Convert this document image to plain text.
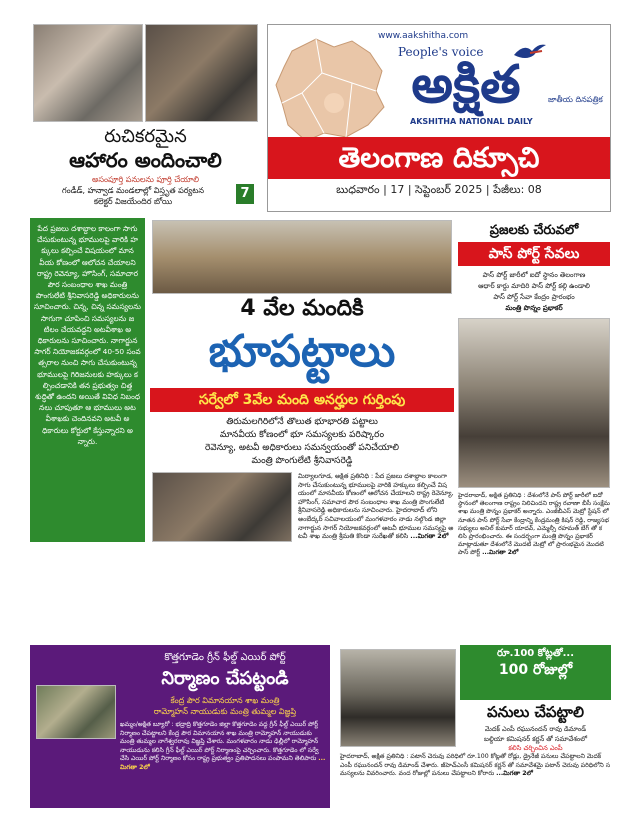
రుచికరమైన
ఆహారం అందించాలి
అసంపూర్తి పనులను పూర్తి చేయాలి
గండీడ్, హన్వాడ మండలాల్లో విస్తృత పర్యటన
కలెక్టర్ విజయేందిర బోయి
7
www.aakshitha.com
People's voice
అక్షిత	జాతీయ దినపత్రిక
AKSHITHA NATIONAL DAILY
తెలంగాణ దిక్సూచి
బుధవారం | 17 | సెప్టెంబర్ 2025 | పేజీలు: 08
పేద ప్రజలు దశాబ్దాల కాలంగా సాగు చేసుకుంటున్న భూములపై వారికి హక్కులు కల్పించే విషయంలో మానవీయ కోణంలో ఆలోచన చేయాలని రాష్ట్ర రెవెన్యూ, హౌసింగ్, సమాచార పౌర సంబంధాల శాఖ మంత్రి పొంగులేటి శ్రీనివాసరెడ్డి అధికారులను సూచించారు. చిన్న, చిన్న సమస్యలను సాగుగా చూపించి సమస్యలను జటిలం చేయవద్దని అటవీశాఖ అధికారులను సూచించారు. నాగార్జున సాగర్ నియోజకవర్గంలో 40-50 సంవత్సరాల నుంచి సాగు చేసుకుంటున్న భూములపై గిరిజనులకు హక్కులు కల్పించడానికి తన ప్రభుత్వం చిత్తశుద్ధితో ఉందని అయితే వివిధ నిబంధనలు చూపుతూ ఆ భూములు అటవీశాఖకు చెందినవని అటవీ అధికారులు కోర్టులో కేస్తున్నారని అన్నారు.
4 వేల మందికి
భూపట్టాలు
సర్వేలో 3వేల మంది అనర్హుల గుర్తింపు
తిరుమలగిరిలోనే తొలుత భూభారతి పట్టాలు
మానవీయ కోణంలో భూ సమస్యలకు పరిష్కారం
రెవెన్యూ, అటవీ అధికారులు సమన్వయంతో పనిచేయాలి
మంత్రి పొంగులేటి శ్రీనివాసరెడ్డి
మిర్యాలగూడ, అక్షిత ప్రతినిధి : పేద ప్రజలు దశాబ్దాల కాలంగా సాగు చేసుకుంటున్న భూములపై వారికి హక్కులు కల్పించే విషయంలో మానవీయ కోణంలో ఆలోచన చేయాలని రాష్ట్ర రెవెన్యూ, హౌసింగ్, సమాచార పౌర సంబంధాల శాఖ మంత్రి పొంగులేటి శ్రీనివాసరెడ్డి అధికారులను సూచించారు. హైదరాబాద్ లోని అంబేద్కర్ సచివాలయంలో మంగళవారం నాడు నల్గొండ జిల్లా నాగార్జున సాగర్ నియోజకవర్గంలో అటవీ భూముల సమస్యపై అటవీ శాఖ మంత్రి శ్రీమతి కొండా సురేఖతో కలిసి ...మిగతా 2లో
ప్రజలకు చేరువలో
పాస్ పోర్ట్ సేవలు
పాస్ పోర్ట్ జారీలో ఐదో స్థానం తెలంగాణ
ఆధార్ కార్డు మాదిరి పాస్ పోర్ట్ కల్గి ఉండాలి
పాస్ పోర్ట్ సేవా కేంద్రం ప్రారంభం
మంత్రి పొన్నం ప్రభాకర్
హైదరాబాద్, అక్షిత ప్రతినిధి : దేశంలోనే పాస్ పోర్ట్ జారీలో ఐదో స్థానంలో తెలంగాణ రాష్ట్రం నిలిచిందని రాష్ట్ర రవాణా బీసీ సంక్షేమ శాఖ మంత్రి పొన్నం ప్రభాకర్ అన్నారు. ఎంజీబీఎస్ మెట్రో స్టేషన్ లో నూతన పాస్ పోర్ట్ సేవా కేంద్రాన్ని కేంద్రమంత్రి కిషన్ రెడ్డి, రాజ్యసభ సభ్యులు అనిల్ కుమార్ యాదవ్, ఎమ్మెల్సీ రహమత్ బేగ్ తో కలిసి ప్రారంభించారు. ఈ సందర్భంగా మంత్రి పొన్నం ప్రభాకర్ మాట్లాడుతూ దేశంలోనే మొదటి మెట్రో లో ప్రారంభమైన మొదటి పాస్ పోర్ట్ ...మిగతా 2లో
కొత్తగూడెం గ్రీన్ ఫీల్డ్ ఎయిర్ పోర్ట్
నిర్మాణం చేపట్టండి
కేంద్ర పౌర విమానయాన శాఖ మంత్రి
రామ్మోహన్ నాయుడుకు మంత్రి తుమ్మల విజ్ఞప్తి
ఖమ్మం/అక్షిత బ్యూరో : భద్రాద్రి కొత్తగూడెం జిల్లా కొత్తగూడెం వద్ద గ్రీన్ ఫీల్డ్ ఎయిర్ పోర్ట్ నిర్మాణం చేపట్టాలని కేంద్ర పౌర విమానయాన శాఖ మంత్రి రామ్మోహన్ నాయుడుకు మంత్రి తుమ్మల నాగేశ్వరరావు విజ్ఞప్తి చేశారు. మంగళవారం నాడు ఢిల్లీలో రామ్మోహన్ నాయుడును కలిసి గ్రీన్ ఫీల్డ్ ఎయిర్ పోర్ట్ నిర్మాణంపై చర్చించారు. కొత్తగూడెం లో సర్వే చేసి ఎయిర్ పోర్ట్ నిర్మాణం కోసం రాష్ట్ర ప్రభుత్వం ప్రతిపాదనలు పంపామని తెలిపారు ...మిగతా 2లో
రూ.100 కోట్లతో...
100 రోజుల్లో
పనులు చేపట్టాలి
మెదక్ ఎంపీ రఘునందన్ రావు డిమాండ్
బల్దియా కమిషనర్ కర్ణన్ తో సమావేశంలో
కలిసి చర్చించిన ఎంపీ
హైదరాబాద్, అక్షిత ప్రతినిధి : పటాన్ చెరువు పరిధిలో రూ.100 కోట్లతో రోడ్లు, డ్రైనేజీ పనులు చేపట్టాలని మెదక్ ఎంపీ రఘునందన్ రావు డిమాండ్ చేశారు. జీహెచ్ఎంసీ కమిషనర్ కర్ణన్ తో సమావేశమై పటాన్ చెరువు పరిధిలోని సమస్యలను వివరించారు. వంద రోజుల్లో పనులు చేపట్టాలని కోరారు ...మిగతా 2లో
